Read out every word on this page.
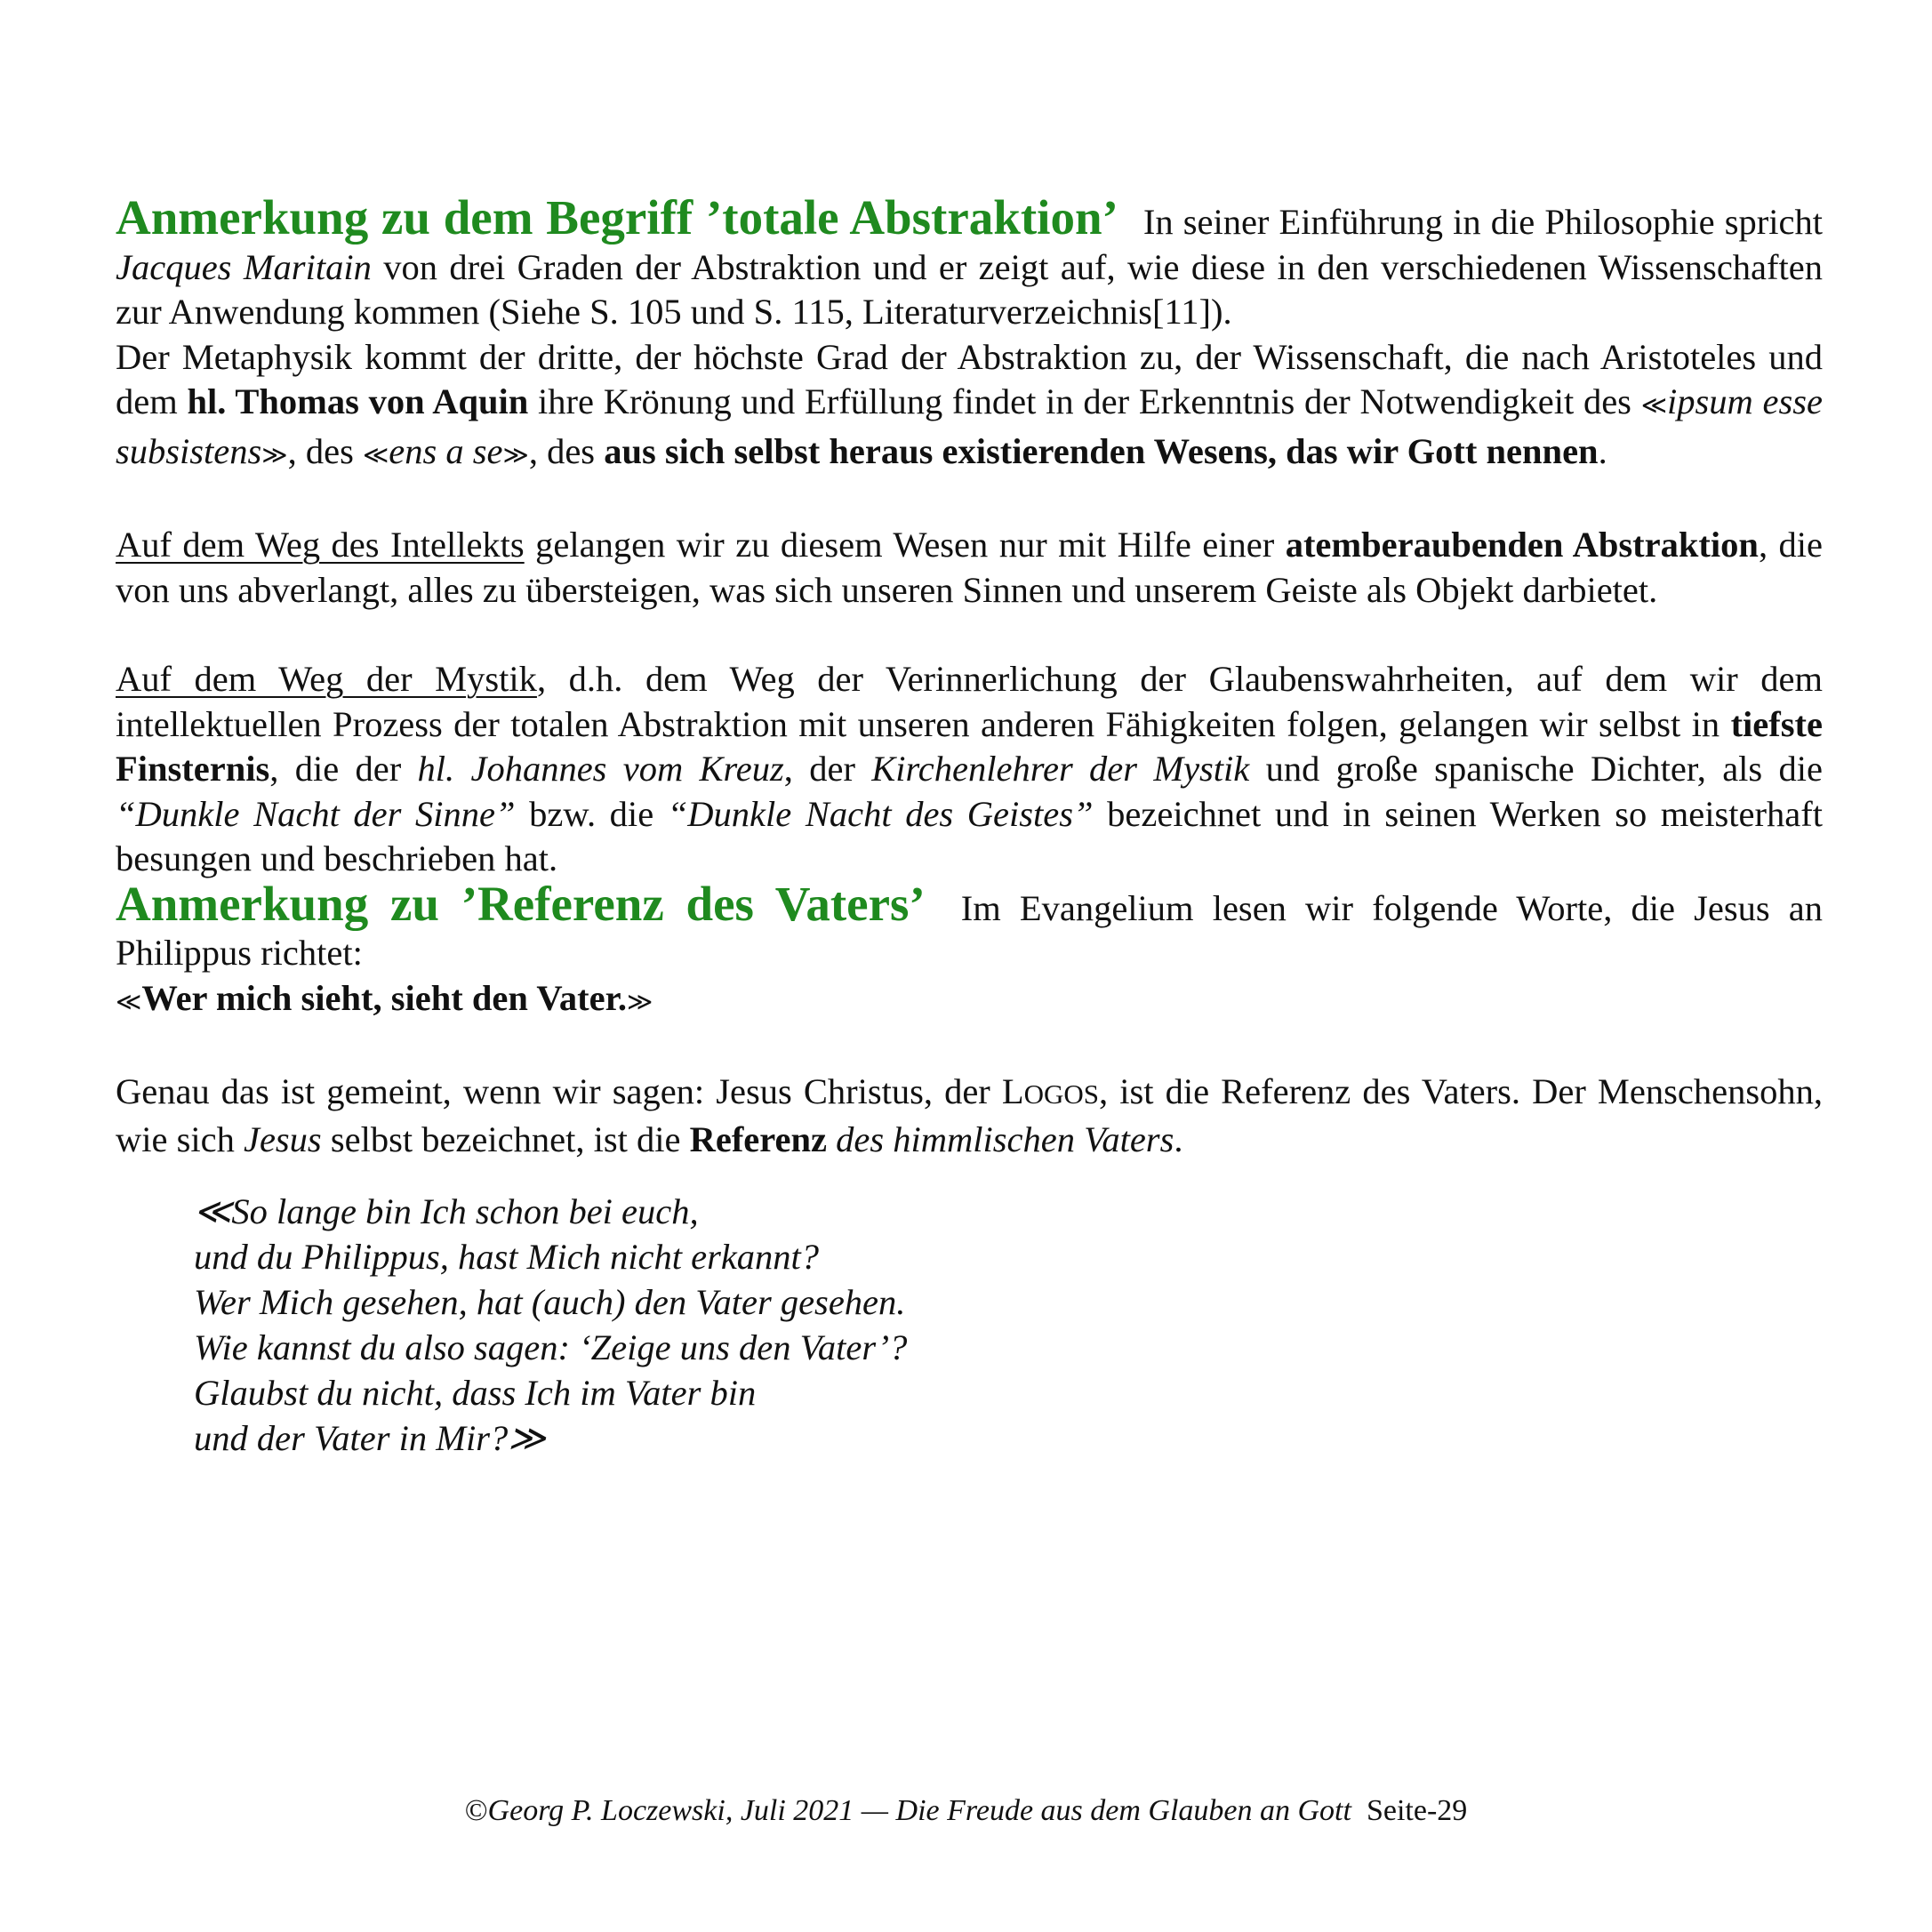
Anmerkung zu dem Begriff ’totale Abstraktion’ In seiner Einführung in die Philosophie spricht Jacques Maritain von drei Graden der Abstraktion und er zeigt auf, wie diese in den verschiedenen Wissenschaften zur Anwendung kommen (Siehe S. 105 und S. 115, Literaturverzeichnis[11]).
Der Metaphysik kommt der dritte, der höchste Grad der Abstraktion zu, der Wissenschaft, die nach Aristoteles und dem hl. Thomas von Aquin ihre Krönung und Erfüllung findet in der Erkenntnis der Notwendigkeit des ≪ipsum esse subsistens≫, des ≪ens a se≫, des aus sich selbst heraus existierenden Wesens, das wir Gott nennen.

Auf dem Weg des Intellekts gelangen wir zu diesem Wesen nur mit Hilfe einer atemberaubenden Abstraktion, die von uns abverlangt, alles zu übersteigen, was sich unseren Sinnen und unserem Geiste als Objekt darbietet.

Auf dem Weg der Mystik, d.h. dem Weg der Verinnerlichung der Glaubenswahrheiten, auf dem wir dem intellektuellen Prozess der totalen Abstraktion mit unseren anderen Fähigkeiten folgen, gelangen wir selbst in tiefste Finsternis, die der hl. Johannes vom Kreuz, der Kirchenlehrer der Mystik und große spanische Dichter, als die “Dunkle Nacht der Sinne” bzw. die “Dunkle Nacht des Geistes” bezeichnet und in seinen Werken so meisterhaft besungen und beschrieben hat.

Anmerkung zu ’Referenz des Vaters’ Im Evangelium lesen wir folgende Worte, die Jesus an Philippus richtet:
≪Wer mich sieht, sieht den Vater.≫

Genau das ist gemeint, wenn wir sagen: Jesus Christus, der LOGOS, ist die Referenz des Vaters. Der Menschensohn, wie sich Jesus selbst bezeichnet, ist die Referenz des himmlischen Vaters.

≪So lange bin Ich schon bei euch,
und du Philippus, hast Mich nicht erkannt?
Wer Mich gesehen, hat (auch) den Vater gesehen.
Wie kannst du also sagen: ‘Zeige uns den Vater’?
Glaubst du nicht, dass Ich im Vater bin
und der Vater in Mir?≫
©Georg P. Loczewski, Juli 2021 — Die Freude aus dem Glauben an Gott Seite-29
